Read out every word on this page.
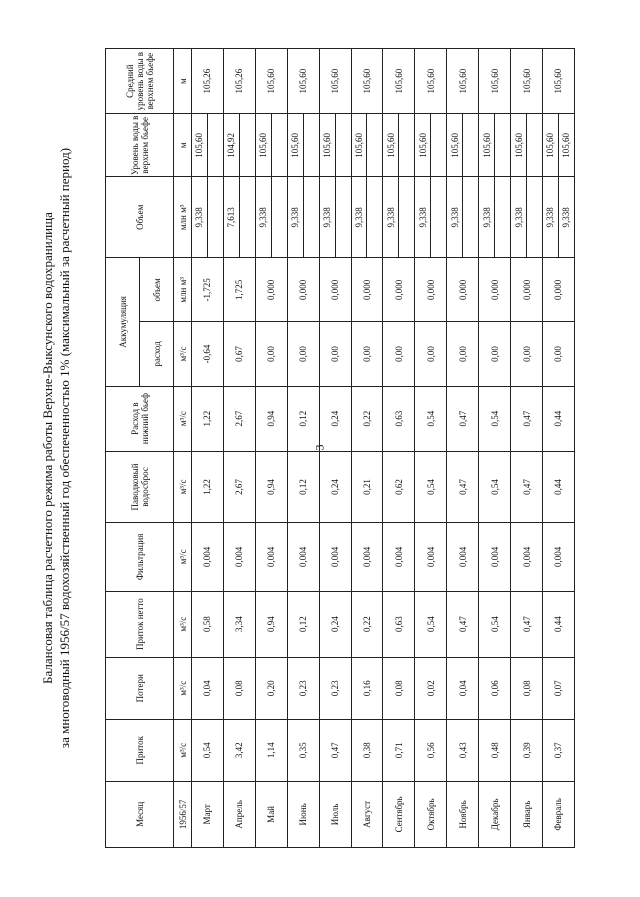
3
Балансовая таблица расчетного режима работы Верхне-Выксунского водохранилища за многоводный 1956/57 водохозяйственный год обеспеченностью 1% (максимальный за расчетный период)
Месяц	Приток	Потери	Приток нетто	Фильтрация	Паводковый водосброс	Расход в нижний бьеф	Аккумуляция		Объем	Уровень воды в верхнем бьефе	Средний уровень воды в верхнем бьефе
							расход	объем			
1956/57	м³/с	м³/с	м³/с	м³/с	м³/с	м³/с	м³/с	млн м³	млн м³	м	м
Март	0,54	0,04	0,58	0,004	1,22	1,22	-0,64	-1,725	9,338	105,60	105,26

Апрель	3,42	0,08	3,34	0,004	2,67	2,67	0,67	1,725	7,613	104,92	105,26

Май	1,14	0,20	0,94	0,004	0,94	0,94	0,00	0,000	9,338	105,60	105,60

Июнь	0,35	0,23	0,12	0,004	0,12	0,12	0,00	0,000	9,338	105,60	105,60

Июль	0,47	0,23	0,24	0,004	0,24	0,24	0,00	0,000	9,338	105,60	105,60

Август	0,38	0,16	0,22	0,004	0,21	0,22	0,00	0,000	9,338	105,60	105,60

Сентябрь	0,71	0,08	0,63	0,004	0,62	0,63	0,00	0,000	9,338	105,60	105,60

Октябрь	0,56	0,02	0,54	0,004	0,54	0,54	0,00	0,000	9,338	105,60	105,60

Ноябрь	0,43	0,04	0,47	0,004	0,47	0,47	0,00	0,000	9,338	105,60	105,60

Декабрь	0,48	0,06	0,54	0,004	0,54	0,54	0,00	0,000	9,338	105,60	105,60

Январь	0,39	0,08	0,47	0,004	0,47	0,47	0,00	0,000	9,338	105,60	105,60

Февраль	0,37	0,07	0,44	0,004	0,44	0,44	0,00	0,000	9,338	105,60	105,60
									9,338	105,60	
